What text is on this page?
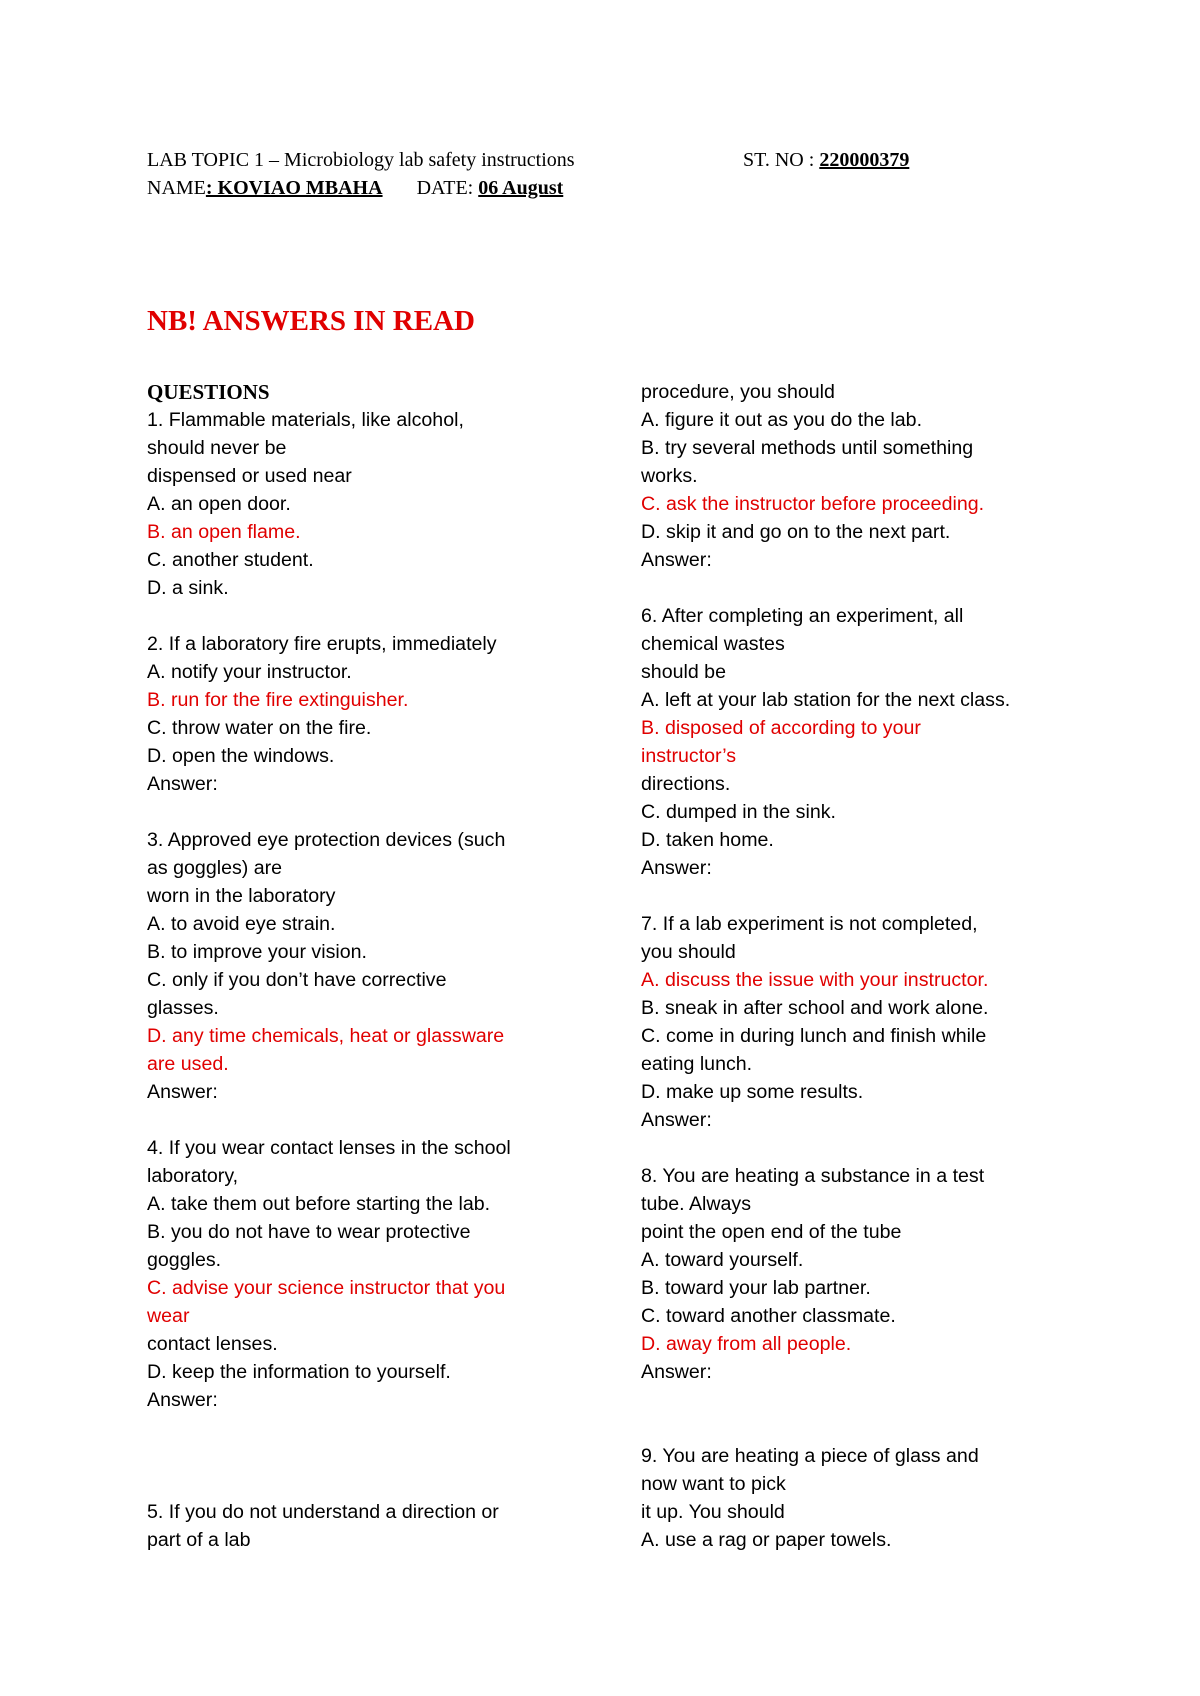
LAB TOPIC 1 – Microbiology lab safety instructions	ST. NO : 220000379
NAME: KOVIAO MBAHA DATE: 06 August
NB! ANSWERS IN READ
QUESTIONS
1. Flammable materials, like alcohol,
should never be
dispensed or used near
A. an open door.
B. an open flame.
C. another student.
D. a sink.
2. If a laboratory fire erupts, immediately
A. notify your instructor.
B. run for the fire extinguisher.
C. throw water on the fire.
D. open the windows.
Answer:
3. Approved eye protection devices (such
as goggles) are
worn in the laboratory
A. to avoid eye strain.
B. to improve your vision.
C. only if you don’t have corrective
glasses.
D. any time chemicals, heat or glassware
are used.
Answer:
4. If you wear contact lenses in the school
laboratory,
A. take them out before starting the lab.
B. you do not have to wear protective
goggles.
C. advise your science instructor that you
wear
contact lenses.
D. keep the information to yourself.
Answer:
5. If you do not understand a direction or
part of a lab
procedure, you should
A. figure it out as you do the lab.
B. try several methods until something
works.
C. ask the instructor before proceeding.
D. skip it and go on to the next part.
Answer:
6. After completing an experiment, all
chemical wastes
should be
A. left at your lab station for the next class.
B. disposed of according to your
instructor’s
directions.
C. dumped in the sink.
D. taken home.
Answer:
7. If a lab experiment is not completed,
you should
A. discuss the issue with your instructor.
B. sneak in after school and work alone.
C. come in during lunch and finish while
eating lunch.
D. make up some results.
Answer:
8. You are heating a substance in a test
tube. Always
point the open end of the tube
A. toward yourself.
B. toward your lab partner.
C. toward another classmate.
D. away from all people.
Answer:
9. You are heating a piece of glass and
now want to pick
it up. You should
A. use a rag or paper towels.
